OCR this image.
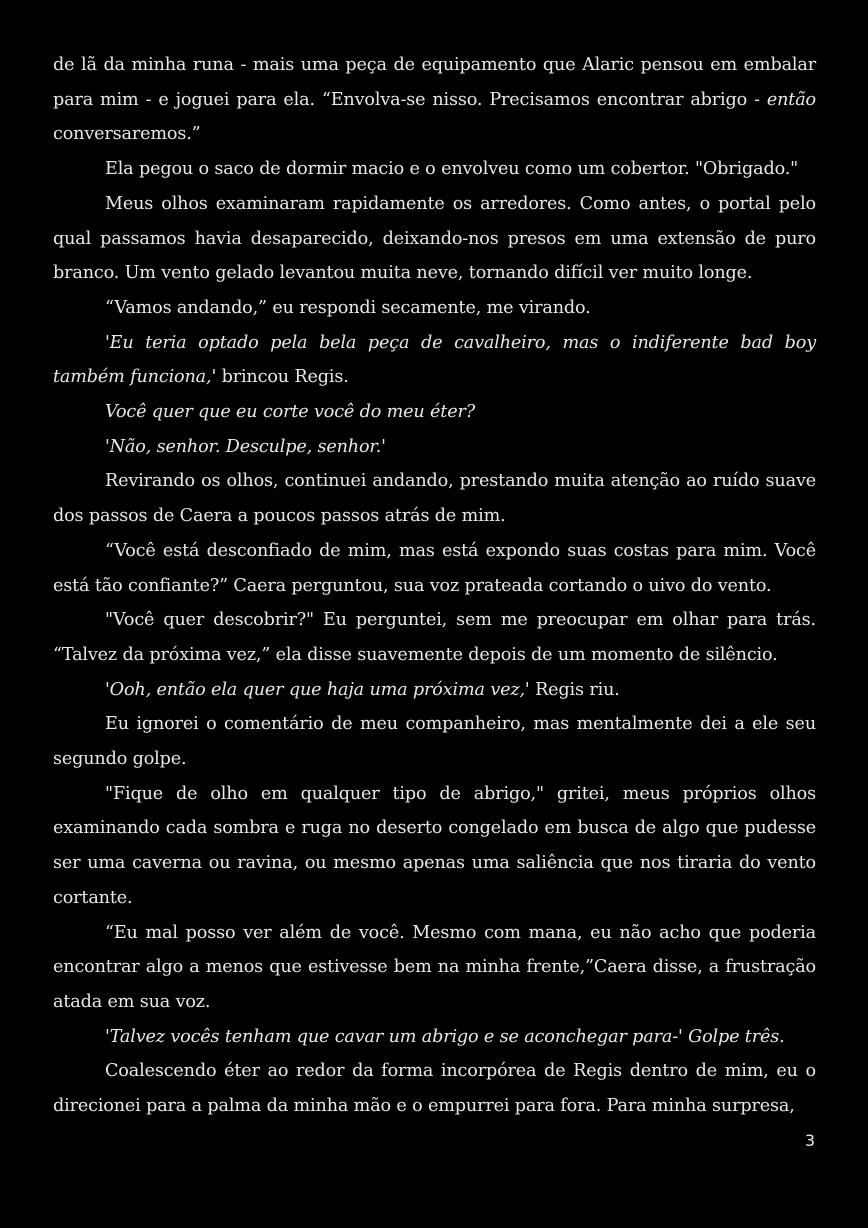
de lã da minha runa - mais uma peça de equipamento que Alaric pensou em embalar para mim - e joguei para ela. “Envolva-se nisso. Precisamos encontrar abrigo - então conversaremos.”

Ela pegou o saco de dormir macio e o envolveu como um cobertor. "Obrigado."

Meus olhos examinaram rapidamente os arredores. Como antes, o portal pelo qual passamos havia desaparecido, deixando-nos presos em uma extensão de puro branco. Um vento gelado levantou muita neve, tornando difícil ver muito longe.

“Vamos andando,” eu respondi secamente, me virando.

'Eu teria optado pela bela peça de cavalheiro, mas o indiferente bad boy também funciona,' brincou Regis.

Você quer que eu corte você do meu éter?

'Não, senhor. Desculpe, senhor.'

Revirando os olhos, continuei andando, prestando muita atenção ao ruído suave dos passos de Caera a poucos passos atrás de mim.

“Você está desconfiado de mim, mas está expondo suas costas para mim. Você está tão confiante?” Caera perguntou, sua voz prateada cortando o uivo do vento.

"Você quer descobrir?" Eu perguntei, sem me preocupar em olhar para trás. “Talvez da próxima vez,” ela disse suavemente depois de um momento de silêncio.

'Ooh, então ela quer que haja uma próxima vez,' Regis riu.

Eu ignorei o comentário de meu companheiro, mas mentalmente dei a ele seu segundo golpe.

"Fique de olho em qualquer tipo de abrigo," gritei, meus próprios olhos examinando cada sombra e ruga no deserto congelado em busca de algo que pudesse ser uma caverna ou ravina, ou mesmo apenas uma saliência que nos tiraria do vento cortante.

“Eu mal posso ver além de você. Mesmo com mana, eu não acho que poderia encontrar algo a menos que estivesse bem na minha frente,”Caera disse, a frustração atada em sua voz.

'Talvez vocês tenham que cavar um abrigo e se aconchegar para-' Golpe três.

Coalescendo éter ao redor da forma incorpórea de Regis dentro de mim, eu o direcionei para a palma da minha mão e o empurrei para fora. Para minha surpresa,

3
